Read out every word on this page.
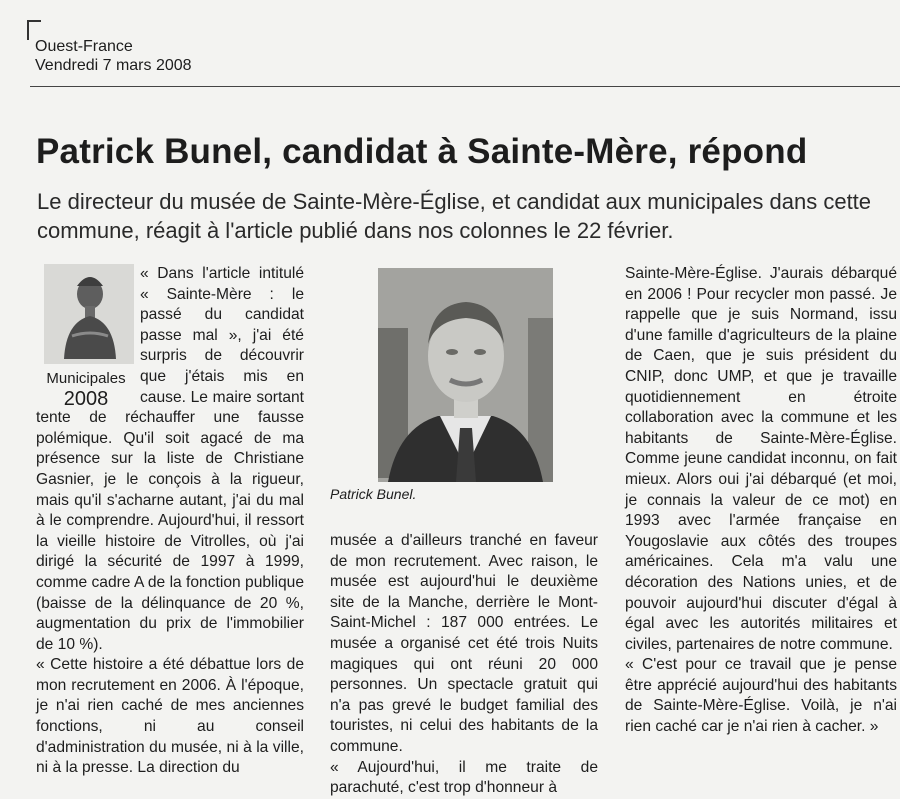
Ouest-France
Vendredi 7 mars 2008
Patrick Bunel, candidat à Sainte-Mère, répond
Le directeur du musée de Sainte-Mère-Église, et candidat aux municipales dans cette commune, réagit à l'article publié dans nos colonnes le 22 février.
Municipales
2008

« Dans l'article intitulé « Sainte-Mère : le passé du candidat passe mal », j'ai été surpris de découvrir que j'étais mis en cause. Le maire sortant tente de réchauffer une fausse polémique. Qu'il soit agacé de ma présence sur la liste de Christiane Gasnier, je le conçois à la rigueur, mais qu'il s'acharne autant, j'ai du mal à le comprendre. Aujourd'hui, il ressort la vieille histoire de Vitrolles, où j'ai dirigé la sécurité de 1997 à 1999, comme cadre A de la fonction publique (baisse de la délinquance de 20 %, augmentation du prix de l'immobilier de 10 %).

« Cette histoire a été débattue lors de mon recrutement en 2006. À l'époque, je n'ai rien caché de mes anciennes fonctions, ni au conseil d'administration du musée, ni à la ville, ni à la presse. La direction du

Patrick Bunel.

musée a d'ailleurs tranché en faveur de mon recrutement. Avec raison, le musée est aujourd'hui le deuxième site de la Manche, derrière le Mont-Saint-Michel : 187 000 entrées. Le musée a organisé cet été trois Nuits magiques qui ont réuni 20 000 personnes. Un spectacle gratuit qui n'a pas grevé le budget familial des touristes, ni celui des habitants de la commune.

« Aujourd'hui, il me traite de parachuté, c'est trop d'honneur à

Sainte-Mère-Église. J'aurais débarqué en 2006 ! Pour recycler mon passé. Je rappelle que je suis Normand, issu d'une famille d'agriculteurs de la plaine de Caen, que je suis président du CNIP, donc UMP, et que je travaille quotidiennement en étroite collaboration avec la commune et les habitants de Sainte-Mère-Église. Comme jeune candidat inconnu, on fait mieux. Alors oui j'ai débarqué (et moi, je connais la valeur de ce mot) en 1993 avec l'armée française en Yougoslavie aux côtés des troupes américaines. Cela m'a valu une décoration des Nations unies, et de pouvoir aujourd'hui discuter d'égal à égal avec les autorités militaires et civiles, partenaires de notre commune.

« C'est pour ce travail que je pense être apprécié aujourd'hui des habitants de Sainte-Mère-Église. Voilà, je n'ai rien caché car je n'ai rien à cacher. »
